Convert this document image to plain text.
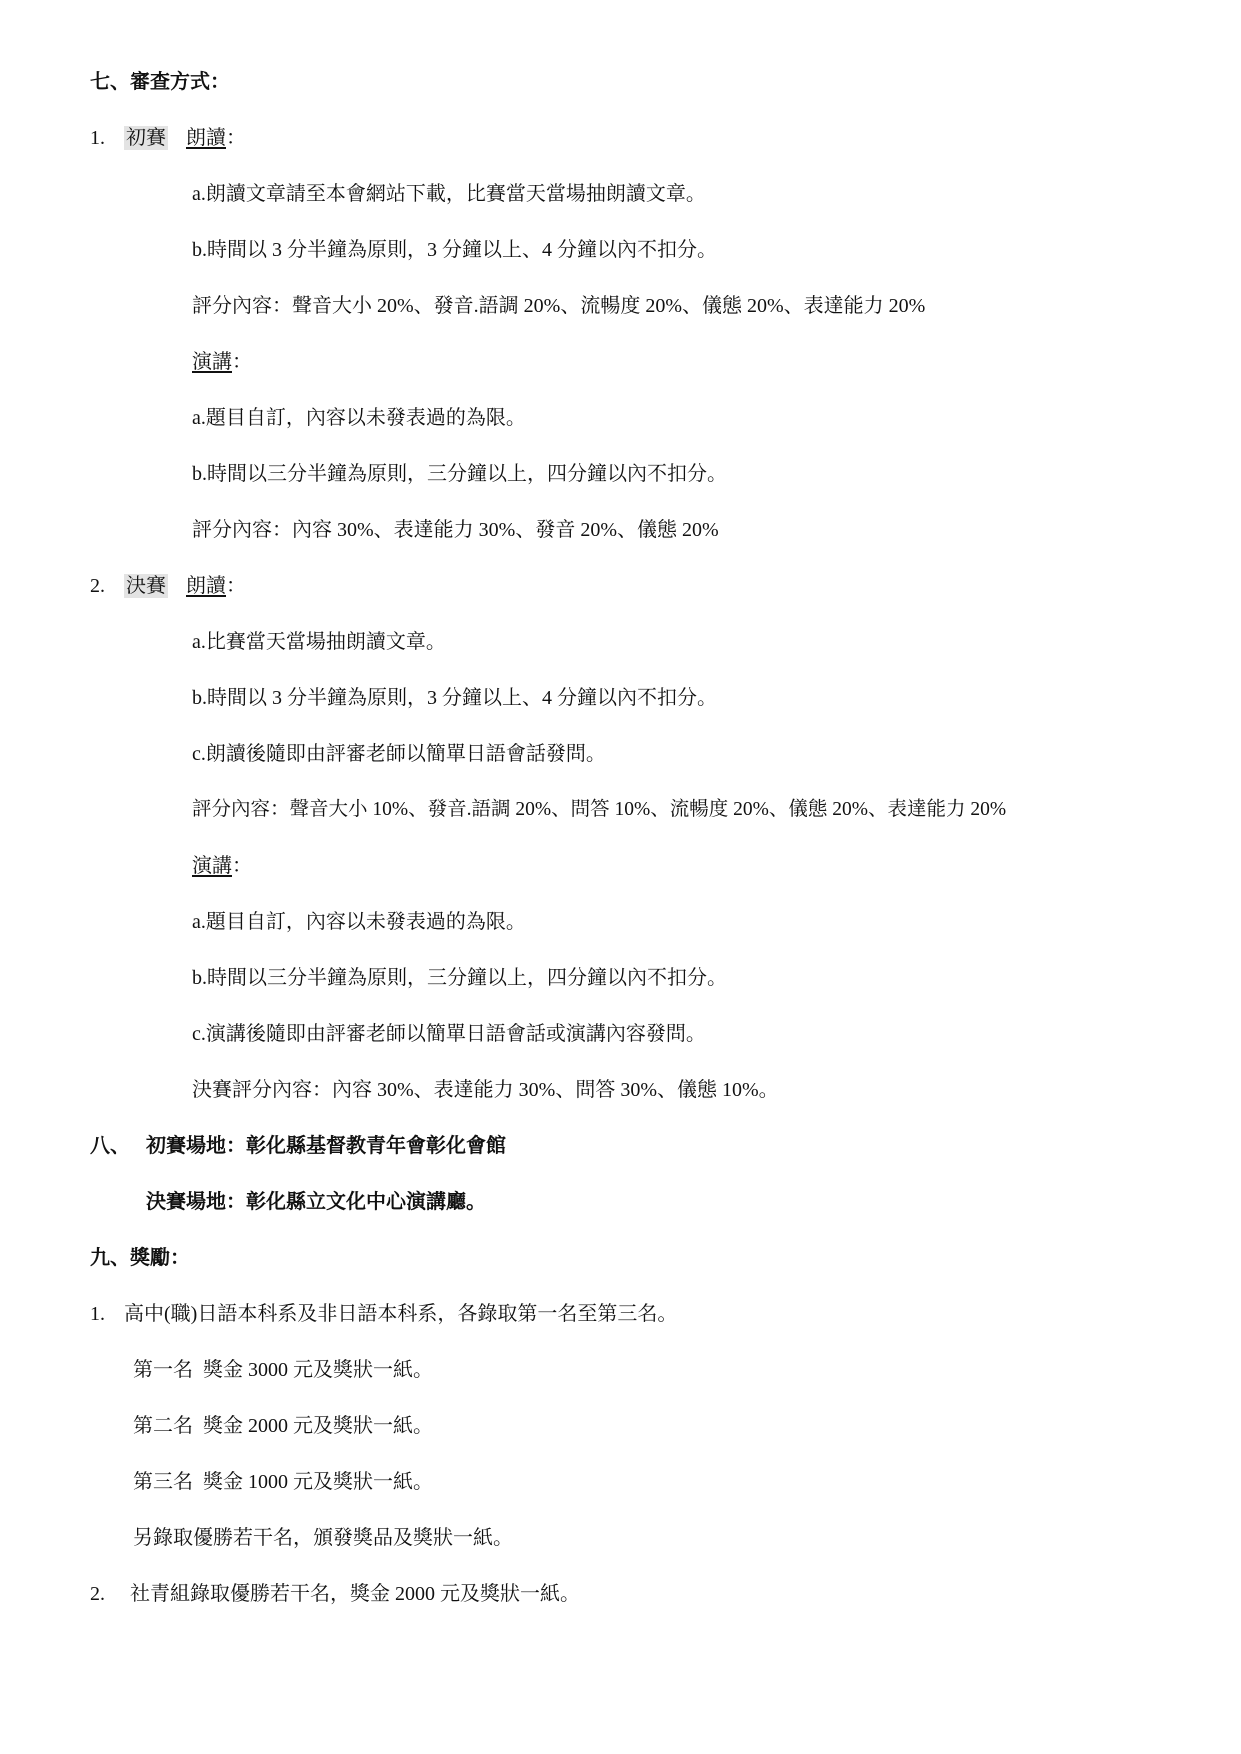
七、審查方式：
1. 初賽 朗讀：
a.朗讀文章請至本會網站下載，比賽當天當場抽朗讀文章。
b.時間以 3 分半鐘為原則，3 分鐘以上、4 分鐘以內不扣分。
評分內容：聲音大小 20%、發音.語調 20%、流暢度 20%、儀態 20%、表達能力 20%
演講：
a.題目自訂，內容以未發表過的為限。
b.時間以三分半鐘為原則，三分鐘以上，四分鐘以內不扣分。
評分內容：內容 30%、表達能力 30%、發音 20%、儀態 20%
2. 決賽 朗讀：
a.比賽當天當場抽朗讀文章。
b.時間以 3 分半鐘為原則，3 分鐘以上、4 分鐘以內不扣分。
c.朗讀後隨即由評審老師以簡單日語會話發問。
評分內容：聲音大小 10%、發音.語調 20%、問答 10%、流暢度 20%、儀態 20%、表達能力 20%
演講：
a.題目自訂，內容以未發表過的為限。
b.時間以三分半鐘為原則，三分鐘以上，四分鐘以內不扣分。
c.演講後隨即由評審老師以簡單日語會話或演講內容發問。
決賽評分內容：內容 30%、表達能力 30%、問答 30%、儀態 10%。
八、 初賽場地：彰化縣基督教青年會彰化會館
決賽場地：彰化縣立文化中心演講廳。
九、獎勵：
1. 高中(職)日語本科系及非日語本科系，各錄取第一名至第三名。
第一名  獎金 3000 元及獎狀一紙。
第二名  獎金 2000 元及獎狀一紙。
第三名  獎金 1000 元及獎狀一紙。
另錄取優勝若干名，頒發獎品及獎狀一紙。
2. 社青組錄取優勝若干名，獎金 2000 元及獎狀一紙。
